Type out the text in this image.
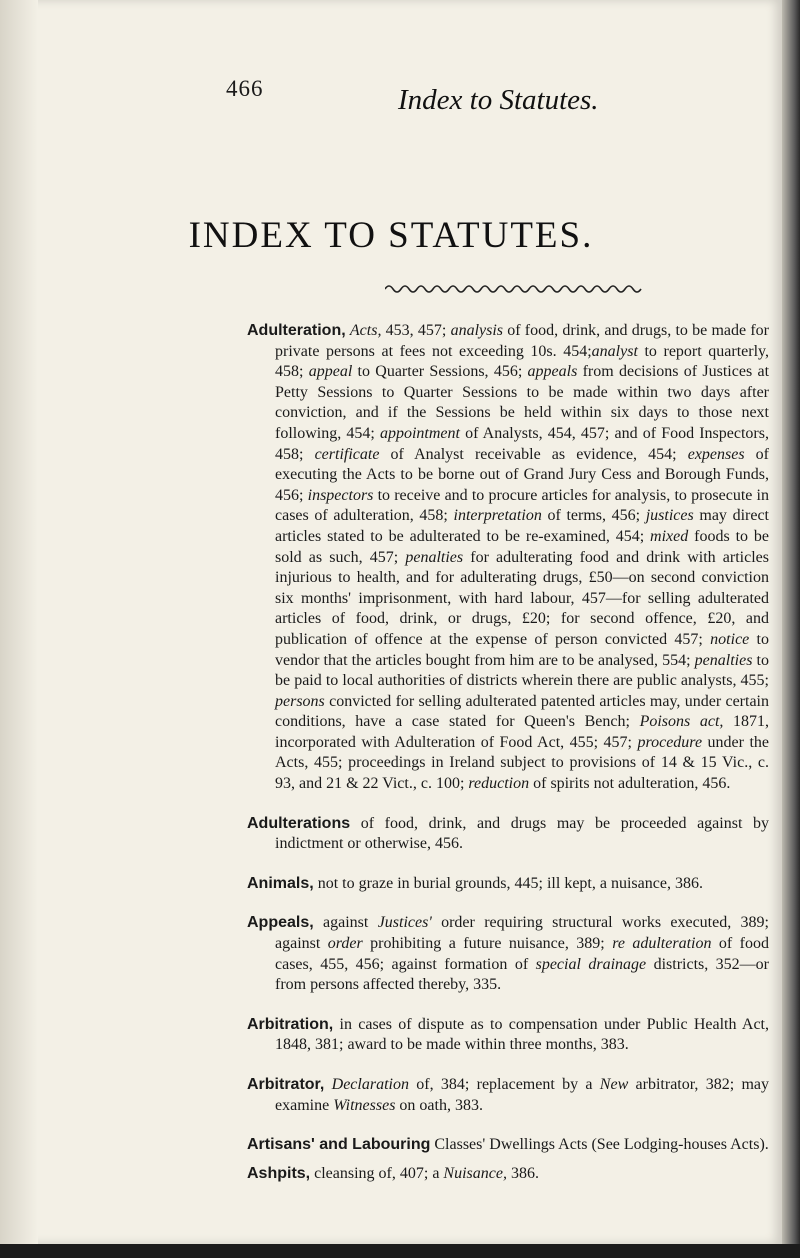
466	Index to Statutes.
INDEX TO STATUTES.

Adulteration, Acts, 453, 457; analysis of food, drink, and drugs, to be made for private persons at fees not exceeding 10s. 454;analyst to report quarterly, 458; appeal to Quarter Sessions, 456; appeals from decisions of Justices at Petty Sessions to Quarter Sessions to be made within two days after conviction, and if the Sessions be held within six days to those next following, 454; appointment of Analysts, 454, 457; and of Food Inspectors, 458; certificate of Analyst receivable as evidence, 454; expenses of executing the Acts to be borne out of Grand Jury Cess and Borough Funds, 456; inspectors to receive and to procure articles for analysis, to prosecute in cases of adulteration, 458; interpretation of terms, 456; justices may direct articles stated to be adulterated to be re-examined, 454; mixed foods to be sold as such, 457; penalties for adulterating food and drink with articles injurious to health, and for adulterating drugs, £50—on second conviction six months' imprisonment, with hard labour, 457—for selling adulterated articles of food, drink, or drugs, £20; for second offence, £20, and publication of offence at the expense of person convicted 457; notice to vendor that the articles bought from him are to be analysed, 554; penalties to be paid to local authorities of districts wherein there are public analysts, 455; persons convicted for selling adulterated patented articles may, under certain conditions, have a case stated for Queen's Bench; Poisons act, 1871, incorporated with Adulteration of Food Act, 455; 457; procedure under the Acts, 455; proceedings in Ireland subject to provisions of 14 & 15 Vic., c. 93, and 21 & 22 Vict., c. 100; reduction of spirits not adulteration, 456.

Adulterations of food, drink, and drugs may be proceeded against by indictment or otherwise, 456.

Animals, not to graze in burial grounds, 445; ill kept, a nuisance, 386.

Appeals, against Justices' order requiring structural works executed, 389; against order prohibiting a future nuisance, 389; re adulteration of food cases, 455, 456; against formation of special drainage districts, 352—or from persons affected thereby, 335.

Arbitration, in cases of dispute as to compensation under Public Health Act, 1848, 381; award to be made within three months, 383.

Arbitrator, Declaration of, 384; replacement by a New arbitrator, 382; may examine Witnesses on oath, 383.

Artisans' and Labouring Classes' Dwellings Acts (See Lodging-houses Acts).

Ashpits, cleansing of, 407; a Nuisance, 386.
